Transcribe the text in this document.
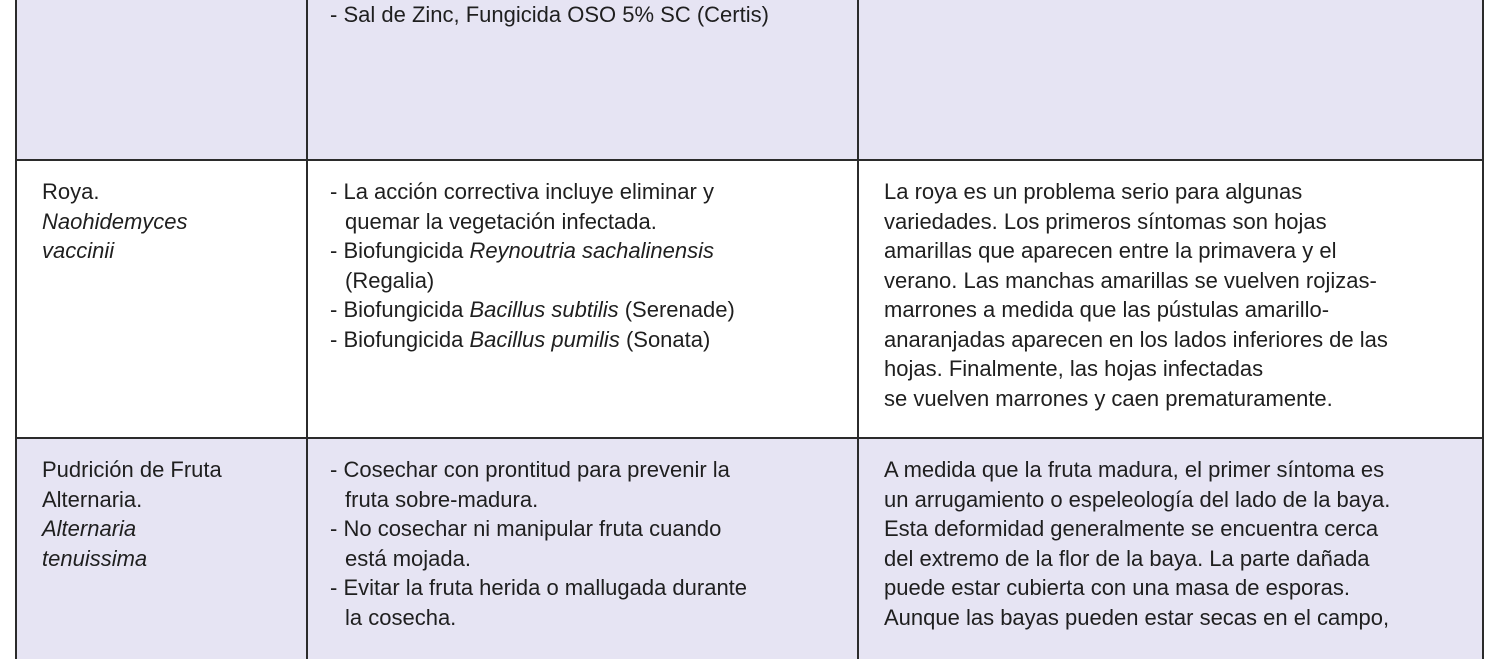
- Sal de Zinc, Fungicida OSO 5% SC (Certis)
Roya.
Naohidemyces
vaccinii
- La acción correctiva incluye eliminar y
quemar la vegetación infectada.
- Biofungicida Reynoutria sachalinensis
(Regalia)
- Biofungicida Bacillus subtilis (Serenade)
- Biofungicida Bacillus pumilis (Sonata)
La roya es un problema serio para algunas
variedades. Los primeros síntomas son hojas
amarillas que aparecen entre la primavera y el
verano. Las manchas amarillas se vuelven rojizas-
marrones a medida que las pústulas amarillo-
anaranjadas aparecen en los lados inferiores de las
hojas. Finalmente, las hojas infectadas
se vuelven marrones y caen prematuramente.
Pudrición de Fruta
Alternaria.
Alternaria
tenuissima
- Cosechar con prontitud para prevenir la
fruta sobre-madura.
- No cosechar ni manipular fruta cuando
está mojada.
- Evitar la fruta herida o mallugada durante
la cosecha.
A medida que la fruta madura, el primer síntoma es
un arrugamiento o espeleología del lado de la baya.
Esta deformidad generalmente se encuentra cerca
del extremo de la flor de la baya. La parte dañada
puede estar cubierta con una masa de esporas.
Aunque las bayas pueden estar secas en el campo,
